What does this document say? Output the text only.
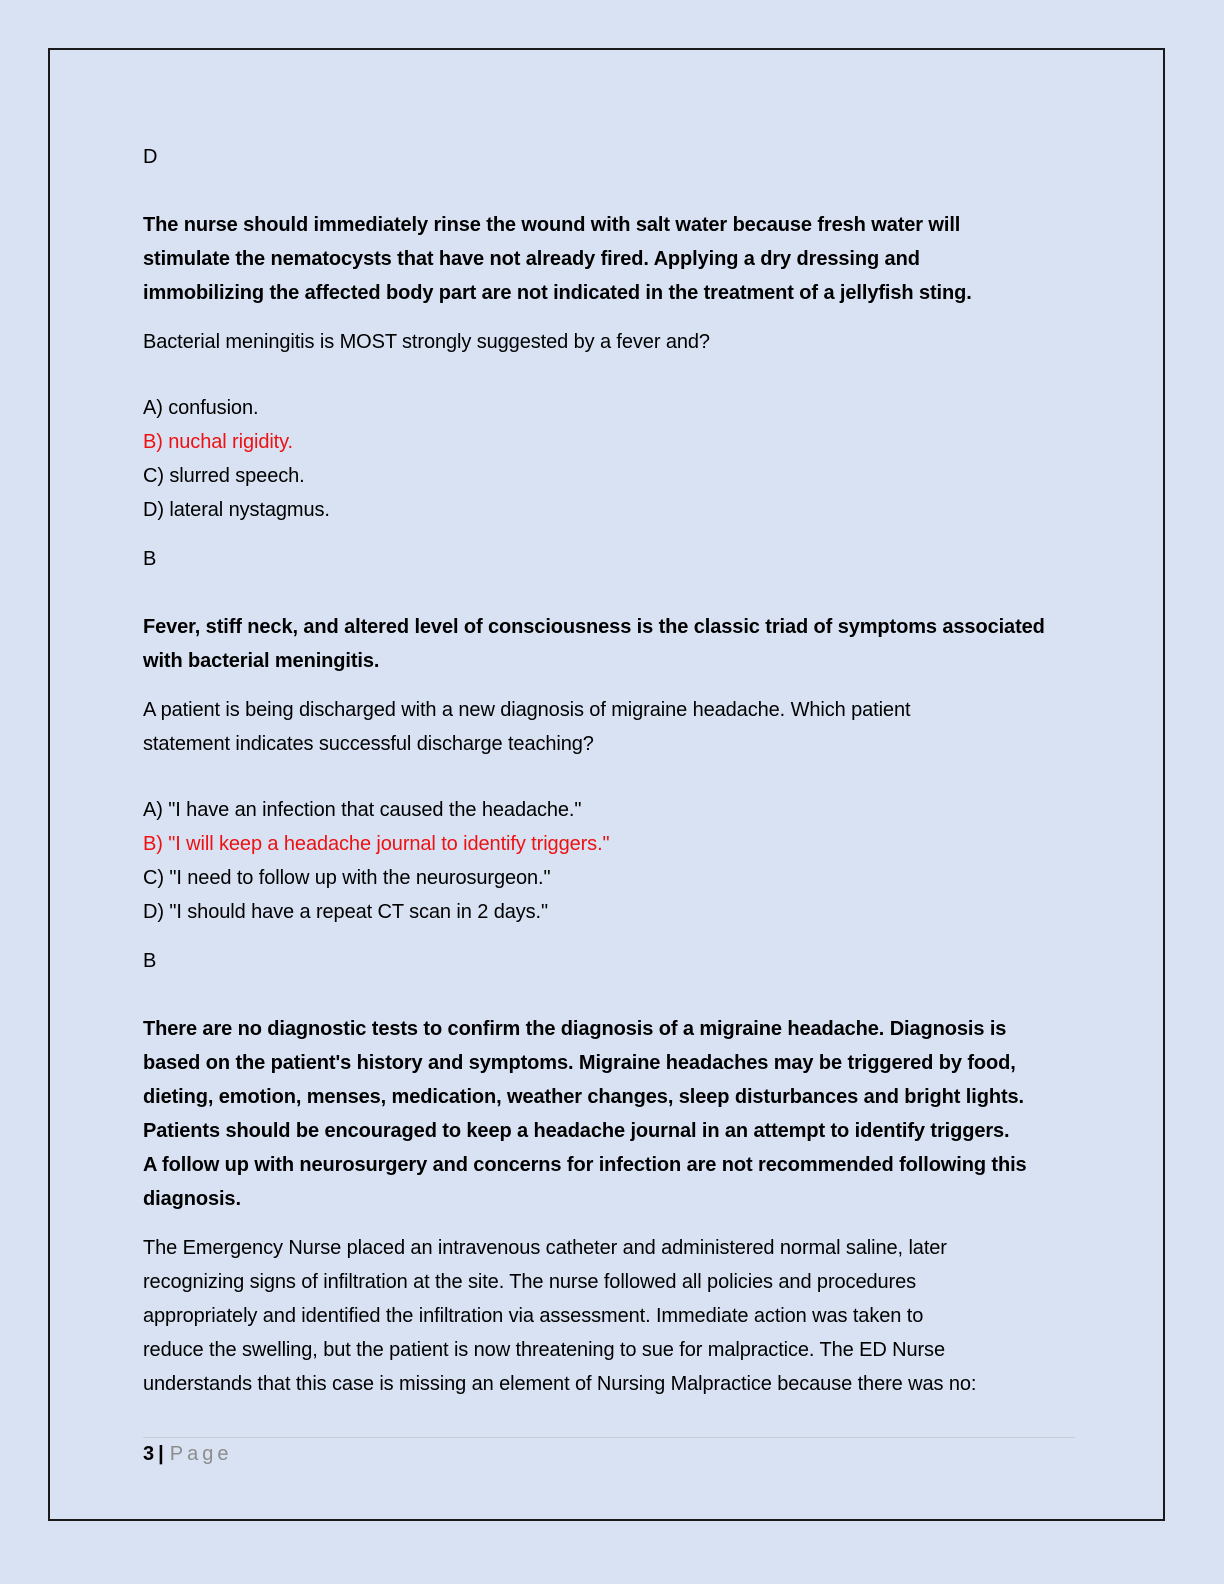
D
The nurse should immediately rinse the wound with salt water because fresh water will
stimulate the nematocysts that have not already fired. Applying a dry dressing and
immobilizing the affected body part are not indicated in the treatment of a jellyfish sting.
Bacterial meningitis is MOST strongly suggested by a fever and?
A) confusion.
B) nuchal rigidity.
C) slurred speech.
D) lateral nystagmus.
B
Fever, stiff neck, and altered level of consciousness is the classic triad of symptoms associated
with bacterial meningitis.
A patient is being discharged with a new diagnosis of migraine headache. Which patient
statement indicates successful discharge teaching?
A) "I have an infection that caused the headache."
B) "I will keep a headache journal to identify triggers."
C) "I need to follow up with the neurosurgeon."
D) "I should have a repeat CT scan in 2 days."
B
There are no diagnostic tests to confirm the diagnosis of a migraine headache. Diagnosis is
based on the patient's history and symptoms. Migraine headaches may be triggered by food,
dieting, emotion, menses, medication, weather changes, sleep disturbances and bright lights.
Patients should be encouraged to keep a headache journal in an attempt to identify triggers.
A follow up with neurosurgery and concerns for infection are not recommended following this
diagnosis.
The Emergency Nurse placed an intravenous catheter and administered normal saline, later
recognizing signs of infiltration at the site. The nurse followed all policies and procedures
appropriately and identified the infiltration via assessment. Immediate action was taken to
reduce the swelling, but the patient is now threatening to sue for malpractice. The ED Nurse
understands that this case is missing an element of Nursing Malpractice because there was no:
3 | Page
